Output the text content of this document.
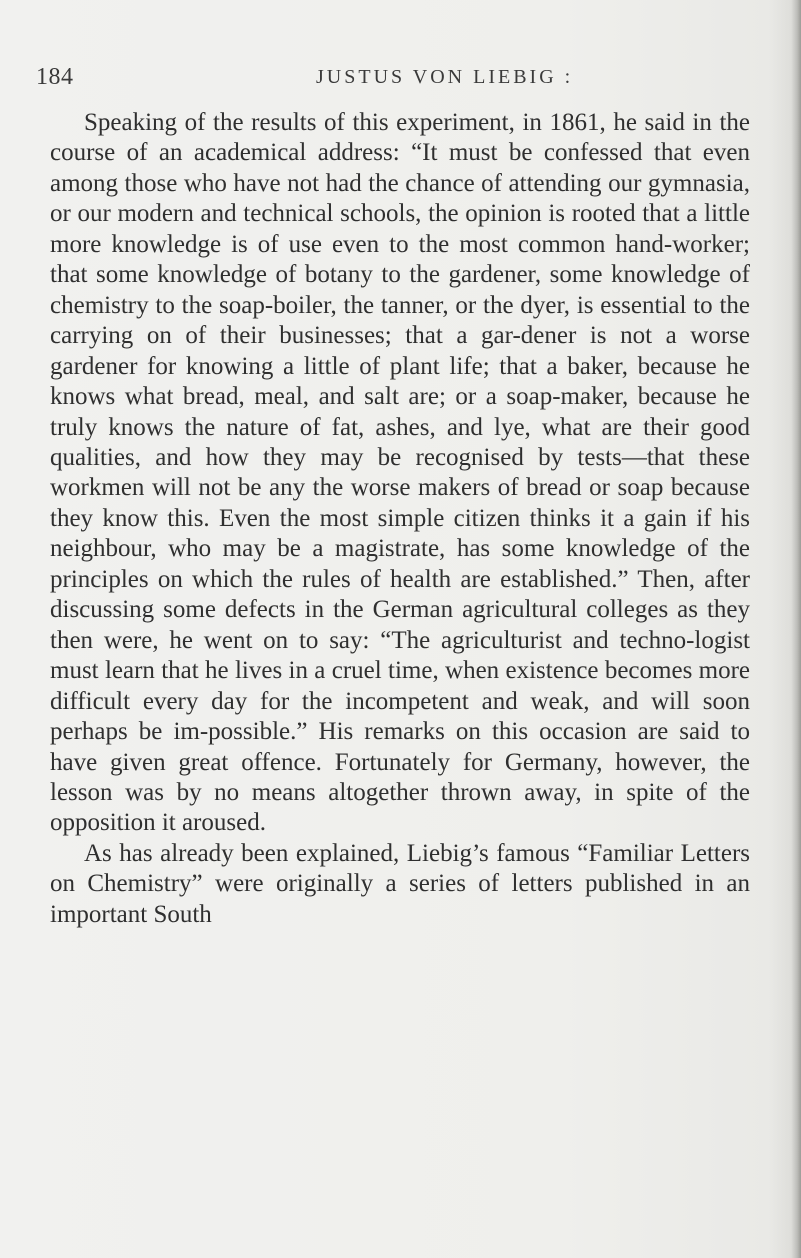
184	JUSTUS VON LIEBIG :

Speaking of the results of this experiment, in 1861, he said in the course of an academical address: “It must be confessed that even among those who have not had the chance of attending our gymnasia, or our modern and technical schools, the opinion is rooted that a little more knowledge is of use even to the most common hand-worker; that some knowledge of botany to the gardener, some knowledge of chemistry to the soap-boiler, the tanner, or the dyer, is essential to the carrying on of their businesses; that a gar-dener is not a worse gardener for knowing a little of plant life; that a baker, because he knows what bread, meal, and salt are; or a soap-maker, because he truly knows the nature of fat, ashes, and lye, what are their good qualities, and how they may be recognised by tests—that these workmen will not be any the worse makers of bread or soap because they know this. Even the most simple citizen thinks it a gain if his neighbour, who may be a magistrate, has some knowledge of the principles on which the rules of health are established.” Then, after discussing some defects in the German agricultural colleges as they then were, he went on to say: “The agriculturist and techno-logist must learn that he lives in a cruel time, when existence becomes more difficult every day for the incompetent and weak, and will soon perhaps be im-possible.” His remarks on this occasion are said to have given great offence. Fortunately for Germany, however, the lesson was by no means altogether thrown away, in spite of the opposition it aroused.

As has already been explained, Liebig’s famous “Familiar Letters on Chemistry” were originally a series of letters published in an important South
